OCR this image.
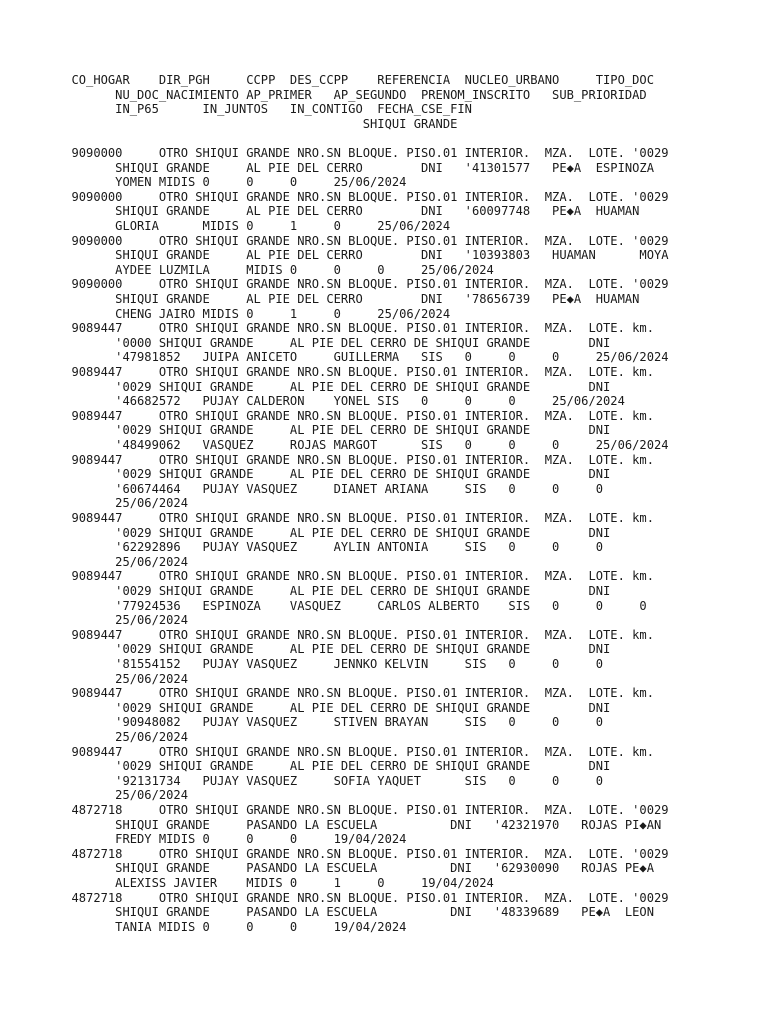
CO_HOGAR    DIR_PGH     CCPP  DES_CCPP    REFERENCIA  NUCLEO_URBANO     TIPO_DOC
NU_DOC_NACIMIENTO AP_PRIMER   AP_SEGUNDO  PRENOM_INSCRITO   SUB_PRIORIDAD
IN_P65      IN_JUNTOS   IN_CONTIGO  FECHA_CSE_FIN
SHIQUI GRANDE
9090000     OTRO SHIQUI GRANDE NRO.SN BLOQUE. PISO.01 INTERIOR.  MZA.  LOTE. '0029
SHIQUI GRANDE     AL PIE DEL CERRO        DNI   '41301577   PE◆A  ESPINOZA
YOMEN MIDIS 0     0     0     25/06/2024
9090000     OTRO SHIQUI GRANDE NRO.SN BLOQUE. PISO.01 INTERIOR.  MZA.  LOTE. '0029
SHIQUI GRANDE     AL PIE DEL CERRO        DNI   '60097748   PE◆A  HUAMAN
GLORIA      MIDIS 0     1     0     25/06/2024
9090000     OTRO SHIQUI GRANDE NRO.SN BLOQUE. PISO.01 INTERIOR.  MZA.  LOTE. '0029
SHIQUI GRANDE     AL PIE DEL CERRO        DNI   '10393803   HUAMAN      MOYA
AYDEE LUZMILA     MIDIS 0     0     0     25/06/2024
9090000     OTRO SHIQUI GRANDE NRO.SN BLOQUE. PISO.01 INTERIOR.  MZA.  LOTE. '0029
SHIQUI GRANDE     AL PIE DEL CERRO        DNI   '78656739   PE◆A  HUAMAN
CHENG JAIRO MIDIS 0     1     0     25/06/2024
9089447     OTRO SHIQUI GRANDE NRO.SN BLOQUE. PISO.01 INTERIOR.  MZA.  LOTE. km.
'0000 SHIQUI GRANDE     AL PIE DEL CERRO DE SHIQUI GRANDE        DNI
'47981852   JUIPA ANICETO     GUILLERMA   SIS   0     0     0     25/06/2024
9089447     OTRO SHIQUI GRANDE NRO.SN BLOQUE. PISO.01 INTERIOR.  MZA.  LOTE. km.
'0029 SHIQUI GRANDE     AL PIE DEL CERRO DE SHIQUI GRANDE        DNI
'46682572   PUJAY CALDERON    YONEL SIS   0     0     0     25/06/2024
9089447     OTRO SHIQUI GRANDE NRO.SN BLOQUE. PISO.01 INTERIOR.  MZA.  LOTE. km.
'0029 SHIQUI GRANDE     AL PIE DEL CERRO DE SHIQUI GRANDE        DNI
'48499062   VASQUEZ     ROJAS MARGOT      SIS   0     0     0     25/06/2024
9089447     OTRO SHIQUI GRANDE NRO.SN BLOQUE. PISO.01 INTERIOR.  MZA.  LOTE. km.
'0029 SHIQUI GRANDE     AL PIE DEL CERRO DE SHIQUI GRANDE        DNI
'60674464   PUJAY VASQUEZ     DIANET ARIANA     SIS   0     0     0
25/06/2024
9089447     OTRO SHIQUI GRANDE NRO.SN BLOQUE. PISO.01 INTERIOR.  MZA.  LOTE. km.
'0029 SHIQUI GRANDE     AL PIE DEL CERRO DE SHIQUI GRANDE        DNI
'62292896   PUJAY VASQUEZ     AYLIN ANTONIA     SIS   0     0     0
25/06/2024
9089447     OTRO SHIQUI GRANDE NRO.SN BLOQUE. PISO.01 INTERIOR.  MZA.  LOTE. km.
'0029 SHIQUI GRANDE     AL PIE DEL CERRO DE SHIQUI GRANDE        DNI
'77924536   ESPINOZA    VASQUEZ     CARLOS ALBERTO    SIS   0     0     0
25/06/2024
9089447     OTRO SHIQUI GRANDE NRO.SN BLOQUE. PISO.01 INTERIOR.  MZA.  LOTE. km.
'0029 SHIQUI GRANDE     AL PIE DEL CERRO DE SHIQUI GRANDE        DNI
'81554152   PUJAY VASQUEZ     JENNKO KELVIN     SIS   0     0     0
25/06/2024
9089447     OTRO SHIQUI GRANDE NRO.SN BLOQUE. PISO.01 INTERIOR.  MZA.  LOTE. km.
'0029 SHIQUI GRANDE     AL PIE DEL CERRO DE SHIQUI GRANDE        DNI
'90948082   PUJAY VASQUEZ     STIVEN BRAYAN     SIS   0     0     0
25/06/2024
9089447     OTRO SHIQUI GRANDE NRO.SN BLOQUE. PISO.01 INTERIOR.  MZA.  LOTE. km.
'0029 SHIQUI GRANDE     AL PIE DEL CERRO DE SHIQUI GRANDE        DNI
'92131734   PUJAY VASQUEZ     SOFIA YAQUET      SIS   0     0     0
25/06/2024
4872718     OTRO SHIQUI GRANDE NRO.SN BLOQUE. PISO.01 INTERIOR.  MZA.  LOTE. '0029
SHIQUI GRANDE     PASANDO LA ESCUELA          DNI   '42321970   ROJAS PI◆AN
FREDY MIDIS 0     0     0     19/04/2024
4872718     OTRO SHIQUI GRANDE NRO.SN BLOQUE. PISO.01 INTERIOR.  MZA.  LOTE. '0029
SHIQUI GRANDE     PASANDO LA ESCUELA          DNI   '62930090   ROJAS PE◆A
ALEXISS JAVIER    MIDIS 0     1     0     19/04/2024
4872718     OTRO SHIQUI GRANDE NRO.SN BLOQUE. PISO.01 INTERIOR.  MZA.  LOTE. '0029
SHIQUI GRANDE     PASANDO LA ESCUELA          DNI   '48339689   PE◆A  LEON
TANIA MIDIS 0     0     0     19/04/2024
